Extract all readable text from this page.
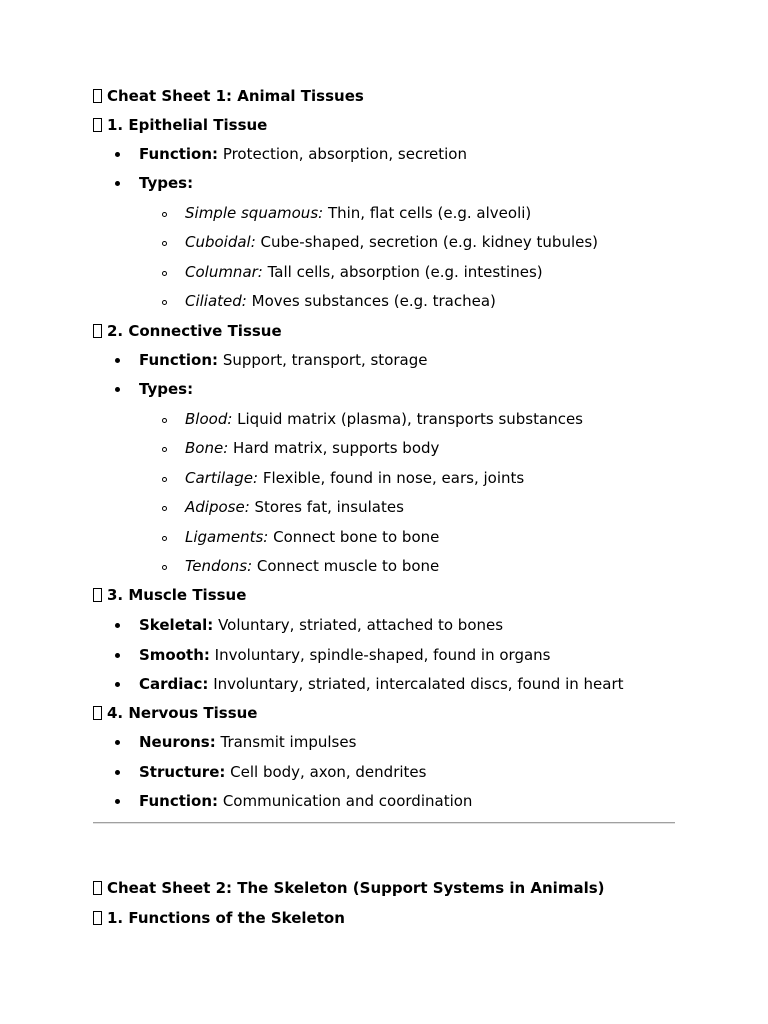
Cheat Sheet 1: Animal Tissues
1. Epithelial Tissue
Function: Protection, absorption, secretion
Types:
Simple squamous: Thin, flat cells (e.g. alveoli)
Cuboidal: Cube-shaped, secretion (e.g. kidney tubules)
Columnar: Tall cells, absorption (e.g. intestines)
Ciliated: Moves substances (e.g. trachea)
2. Connective Tissue
Function: Support, transport, storage
Types:
Blood: Liquid matrix (plasma), transports substances
Bone: Hard matrix, supports body
Cartilage: Flexible, found in nose, ears, joints
Adipose: Stores fat, insulates
Ligaments: Connect bone to bone
Tendons: Connect muscle to bone
3. Muscle Tissue
Skeletal: Voluntary, striated, attached to bones
Smooth: Involuntary, spindle-shaped, found in organs
Cardiac: Involuntary, striated, intercalated discs, found in heart
4. Nervous Tissue
Neurons: Transmit impulses
Structure: Cell body, axon, dendrites
Function: Communication and coordination
Cheat Sheet 2: The Skeleton (Support Systems in Animals)
1. Functions of the Skeleton
